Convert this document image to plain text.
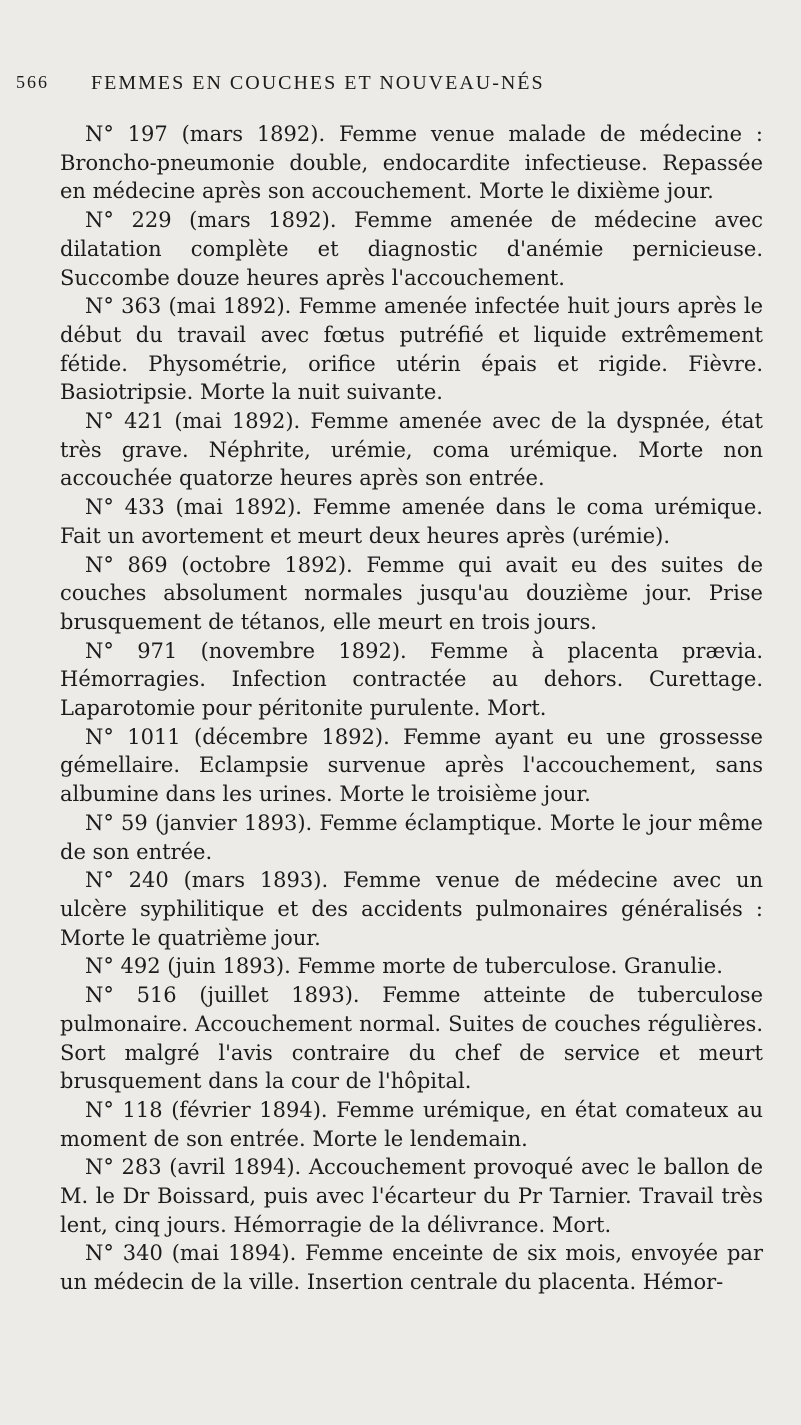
566 FEMMES EN COUCHES ET NOUVEAU-NÉS

N° 197 (mars 1892). Femme venue malade de médecine : Broncho-pneumonie double, endocardite infectieuse. Repassée en médecine après son accouchement. Morte le dixième jour.

N° 229 (mars 1892). Femme amenée de médecine avec dilatation complète et diagnostic d'anémie pernicieuse. Succombe douze heures après l'accouchement.

N° 363 (mai 1892). Femme amenée infectée huit jours après le début du travail avec fœtus putréfié et liquide extrêmement fétide. Physométrie, orifice utérin épais et rigide. Fièvre. Basiotripsie. Morte la nuit suivante.

N° 421 (mai 1892). Femme amenée avec de la dyspnée, état très grave. Néphrite, urémie, coma urémique. Morte non accouchée quatorze heures après son entrée.

N° 433 (mai 1892). Femme amenée dans le coma urémique. Fait un avortement et meurt deux heures après (urémie).

N° 869 (octobre 1892). Femme qui avait eu des suites de couches absolument normales jusqu'au douzième jour. Prise brusquement de tétanos, elle meurt en trois jours.

N° 971 (novembre 1892). Femme à placenta prævia. Hémorragies. Infection contractée au dehors. Curettage. Laparotomie pour péritonite purulente. Mort.

N° 1011 (décembre 1892). Femme ayant eu une grossesse gémellaire. Eclampsie survenue après l'accouchement, sans albumine dans les urines. Morte le troisième jour.

N° 59 (janvier 1893). Femme éclamptique. Morte le jour même de son entrée.

N° 240 (mars 1893). Femme venue de médecine avec un ulcère syphilitique et des accidents pulmonaires généralisés : Morte le quatrième jour.

N° 492 (juin 1893). Femme morte de tuberculose. Granulie.

N° 516 (juillet 1893). Femme atteinte de tuberculose pulmonaire. Accouchement normal. Suites de couches régulières. Sort malgré l'avis contraire du chef de service et meurt brusquement dans la cour de l'hôpital.

N° 118 (février 1894). Femme urémique, en état comateux au moment de son entrée. Morte le lendemain.

N° 283 (avril 1894). Accouchement provoqué avec le ballon de M. le Dr Boissard, puis avec l'écarteur du Pr Tarnier. Travail très lent, cinq jours. Hémorragie de la délivrance. Mort.

N° 340 (mai 1894). Femme enceinte de six mois, envoyée par un médecin de la ville. Insertion centrale du placenta. Hémor-
